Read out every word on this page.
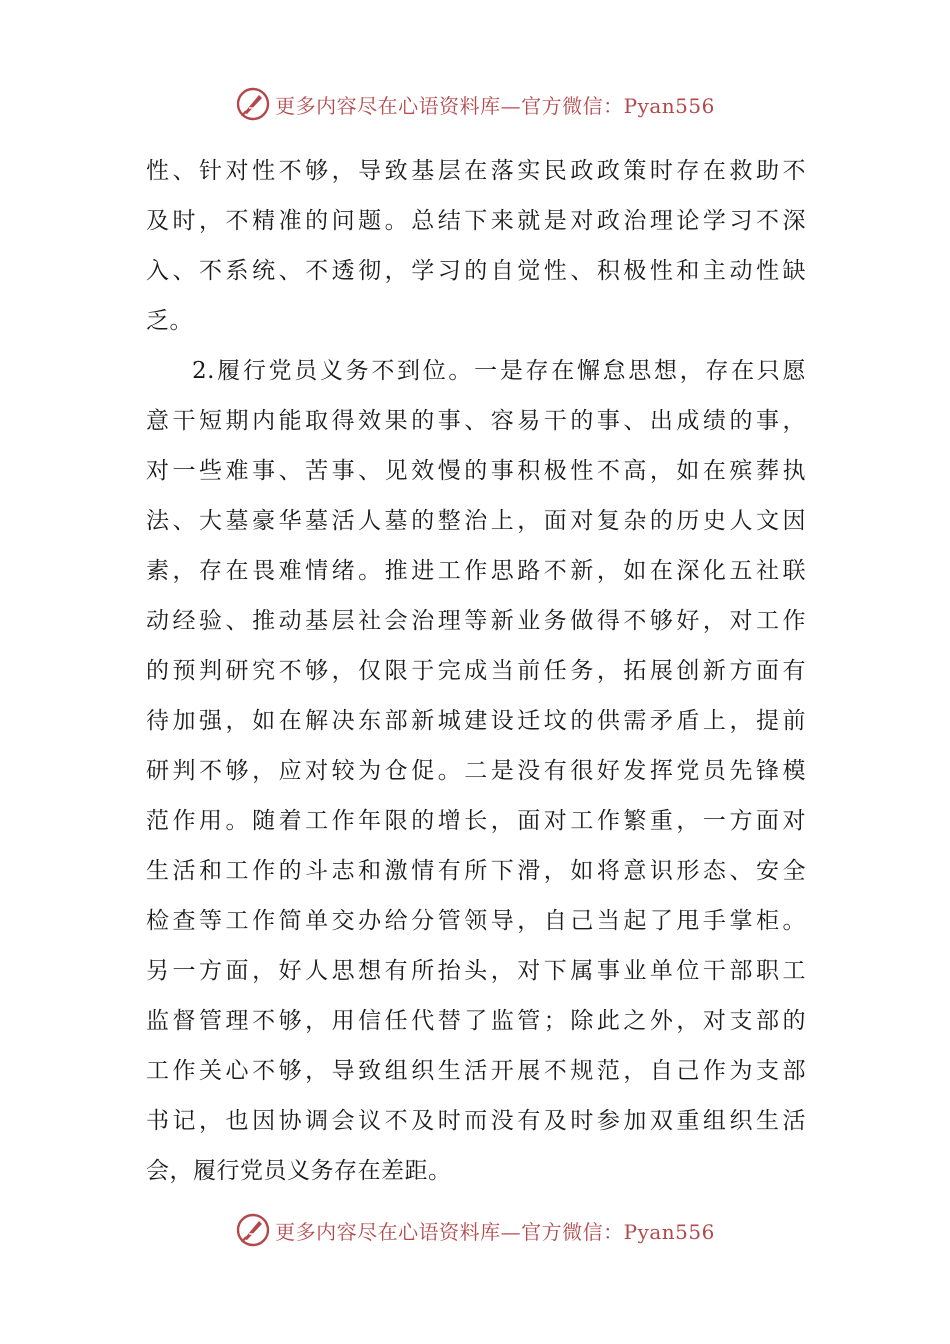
更多内容尽在心语资料库—官方微信：Pyan556
性、针对性不够，导致基层在落实民政政策时存在救助不
及时，不精准的问题。总结下来就是对政治理论学习不深
入、不系统、不透彻，学习的自觉性、积极性和主动性缺
乏。
2.履行党员义务不到位。一是存在懈怠思想，存在只愿
意干短期内能取得效果的事、容易干的事、出成绩的事，
对一些难事、苦事、见效慢的事积极性不高，如在殡葬执
法、大墓豪华墓活人墓的整治上，面对复杂的历史人文因
素，存在畏难情绪。推进工作思路不新，如在深化五社联
动经验、推动基层社会治理等新业务做得不够好，对工作
的预判研究不够，仅限于完成当前任务，拓展创新方面有
待加强，如在解决东部新城建设迁坟的供需矛盾上，提前
研判不够，应对较为仓促。二是没有很好发挥党员先锋模
范作用。随着工作年限的增长，面对工作繁重，一方面对
生活和工作的斗志和激情有所下滑，如将意识形态、安全
检查等工作简单交办给分管领导，自己当起了甩手掌柜。
另一方面，好人思想有所抬头，对下属事业单位干部职工
监督管理不够，用信任代替了监管；除此之外，对支部的
工作关心不够，导致组织生活开展不规范，自己作为支部
书记，也因协调会议不及时而没有及时参加双重组织生活
会，履行党员义务存在差距。
更多内容尽在心语资料库—官方微信：Pyan556
